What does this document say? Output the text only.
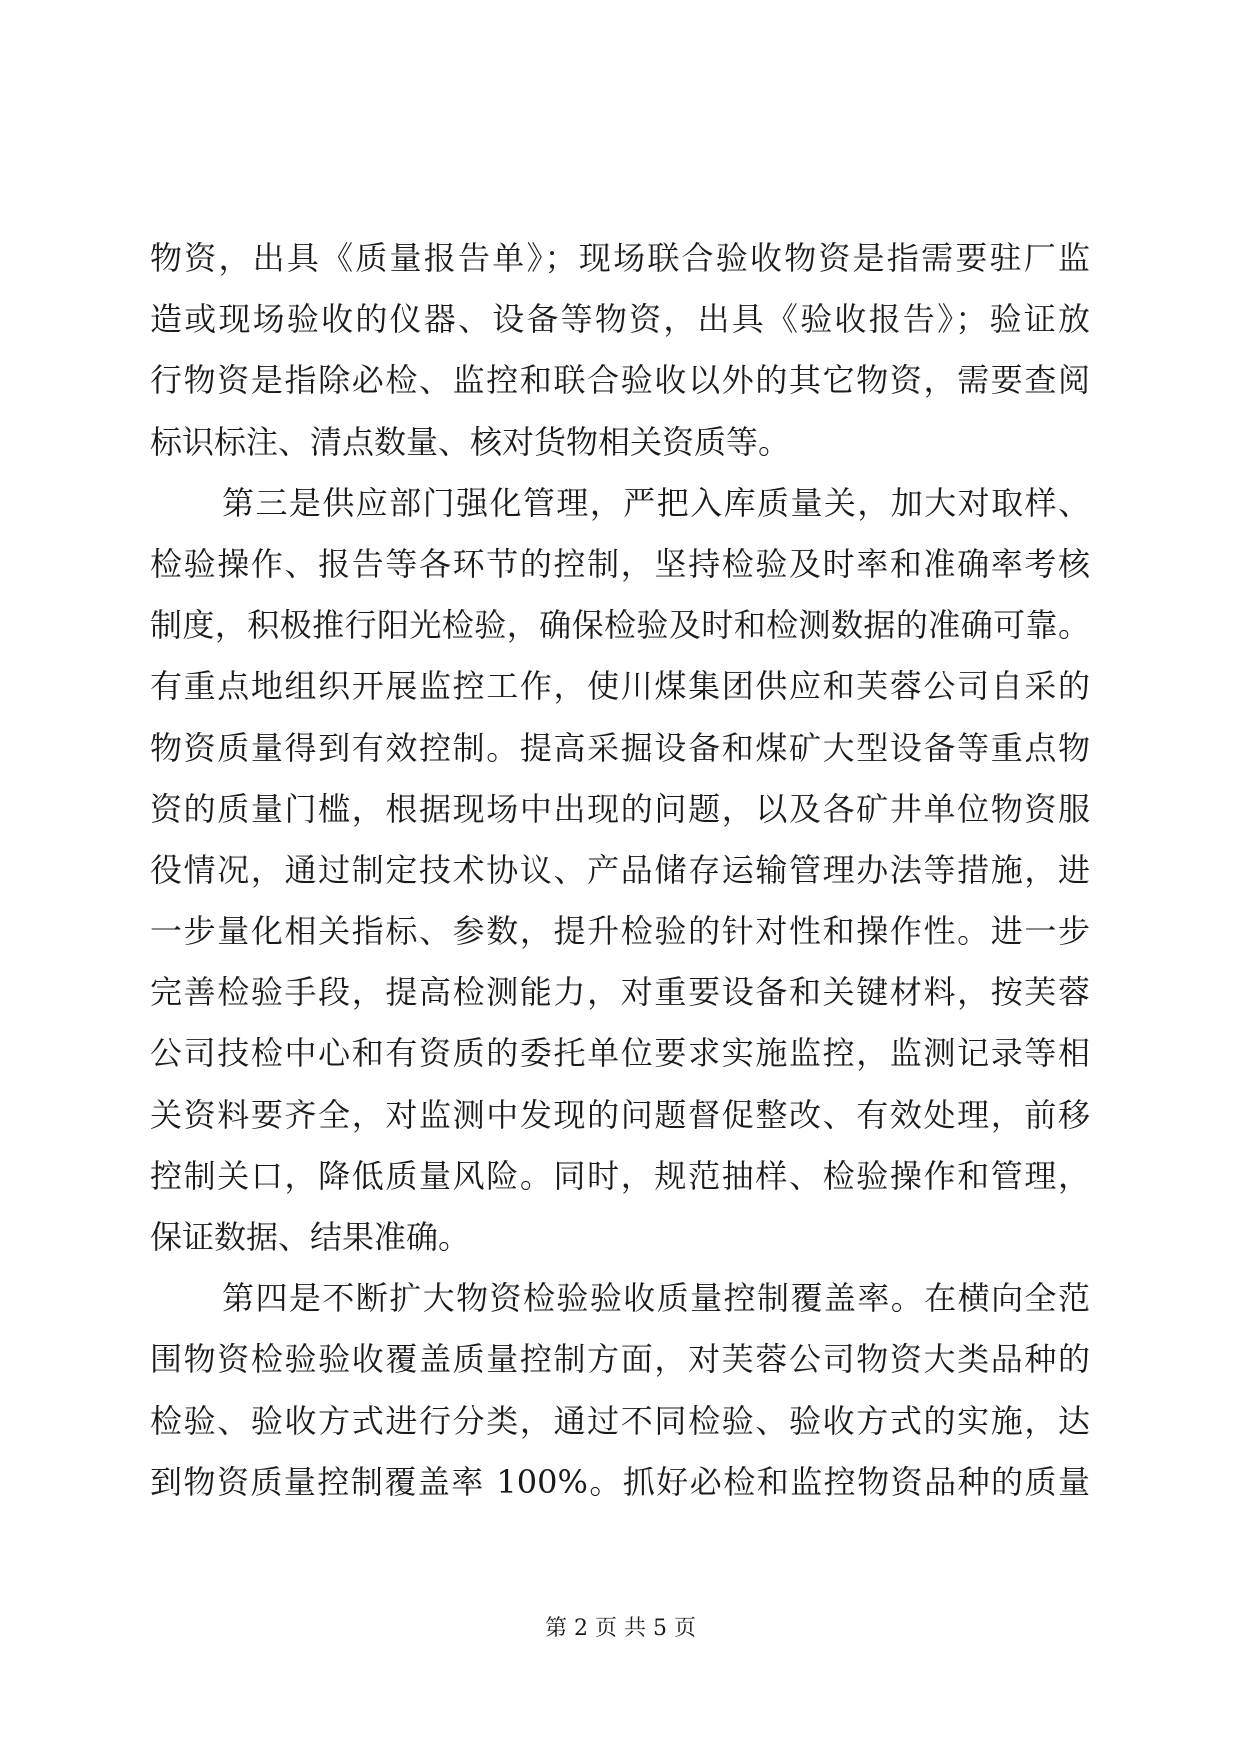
物资，出具《质量报告单》；现场联合验收物资是指需要驻厂监
造或现场验收的仪器、设备等物资，出具《验收报告》；验证放
行物资是指除必检、监控和联合验收以外的其它物资，需要查阅
标识标注、清点数量、核对货物相关资质等。
第三是供应部门强化管理，严把入库质量关，加大对取样、
检验操作、报告等各环节的控制，坚持检验及时率和准确率考核
制度，积极推行阳光检验，确保检验及时和检测数据的准确可靠。
有重点地组织开展监控工作，使川煤集团供应和芙蓉公司自采的
物资质量得到有效控制。提高采掘设备和煤矿大型设备等重点物
资的质量门槛，根据现场中出现的问题，以及各矿井单位物资服
役情况，通过制定技术协议、产品储存运输管理办法等措施，进
一步量化相关指标、参数，提升检验的针对性和操作性。进一步
完善检验手段，提高检测能力，对重要设备和关键材料，按芙蓉
公司技检中心和有资质的委托单位要求实施监控，监测记录等相
关资料要齐全，对监测中发现的问题督促整改、有效处理，前移
控制关口，降低质量风险。同时，规范抽样、检验操作和管理，
保证数据、结果准确。
第四是不断扩大物资检验验收质量控制覆盖率。在横向全范
围物资检验验收覆盖质量控制方面，对芙蓉公司物资大类品种的
检验、验收方式进行分类，通过不同检验、验收方式的实施，达
到物资质量控制覆盖率 100%。抓好必检和监控物资品种的质量
第 2 页 共 5 页
